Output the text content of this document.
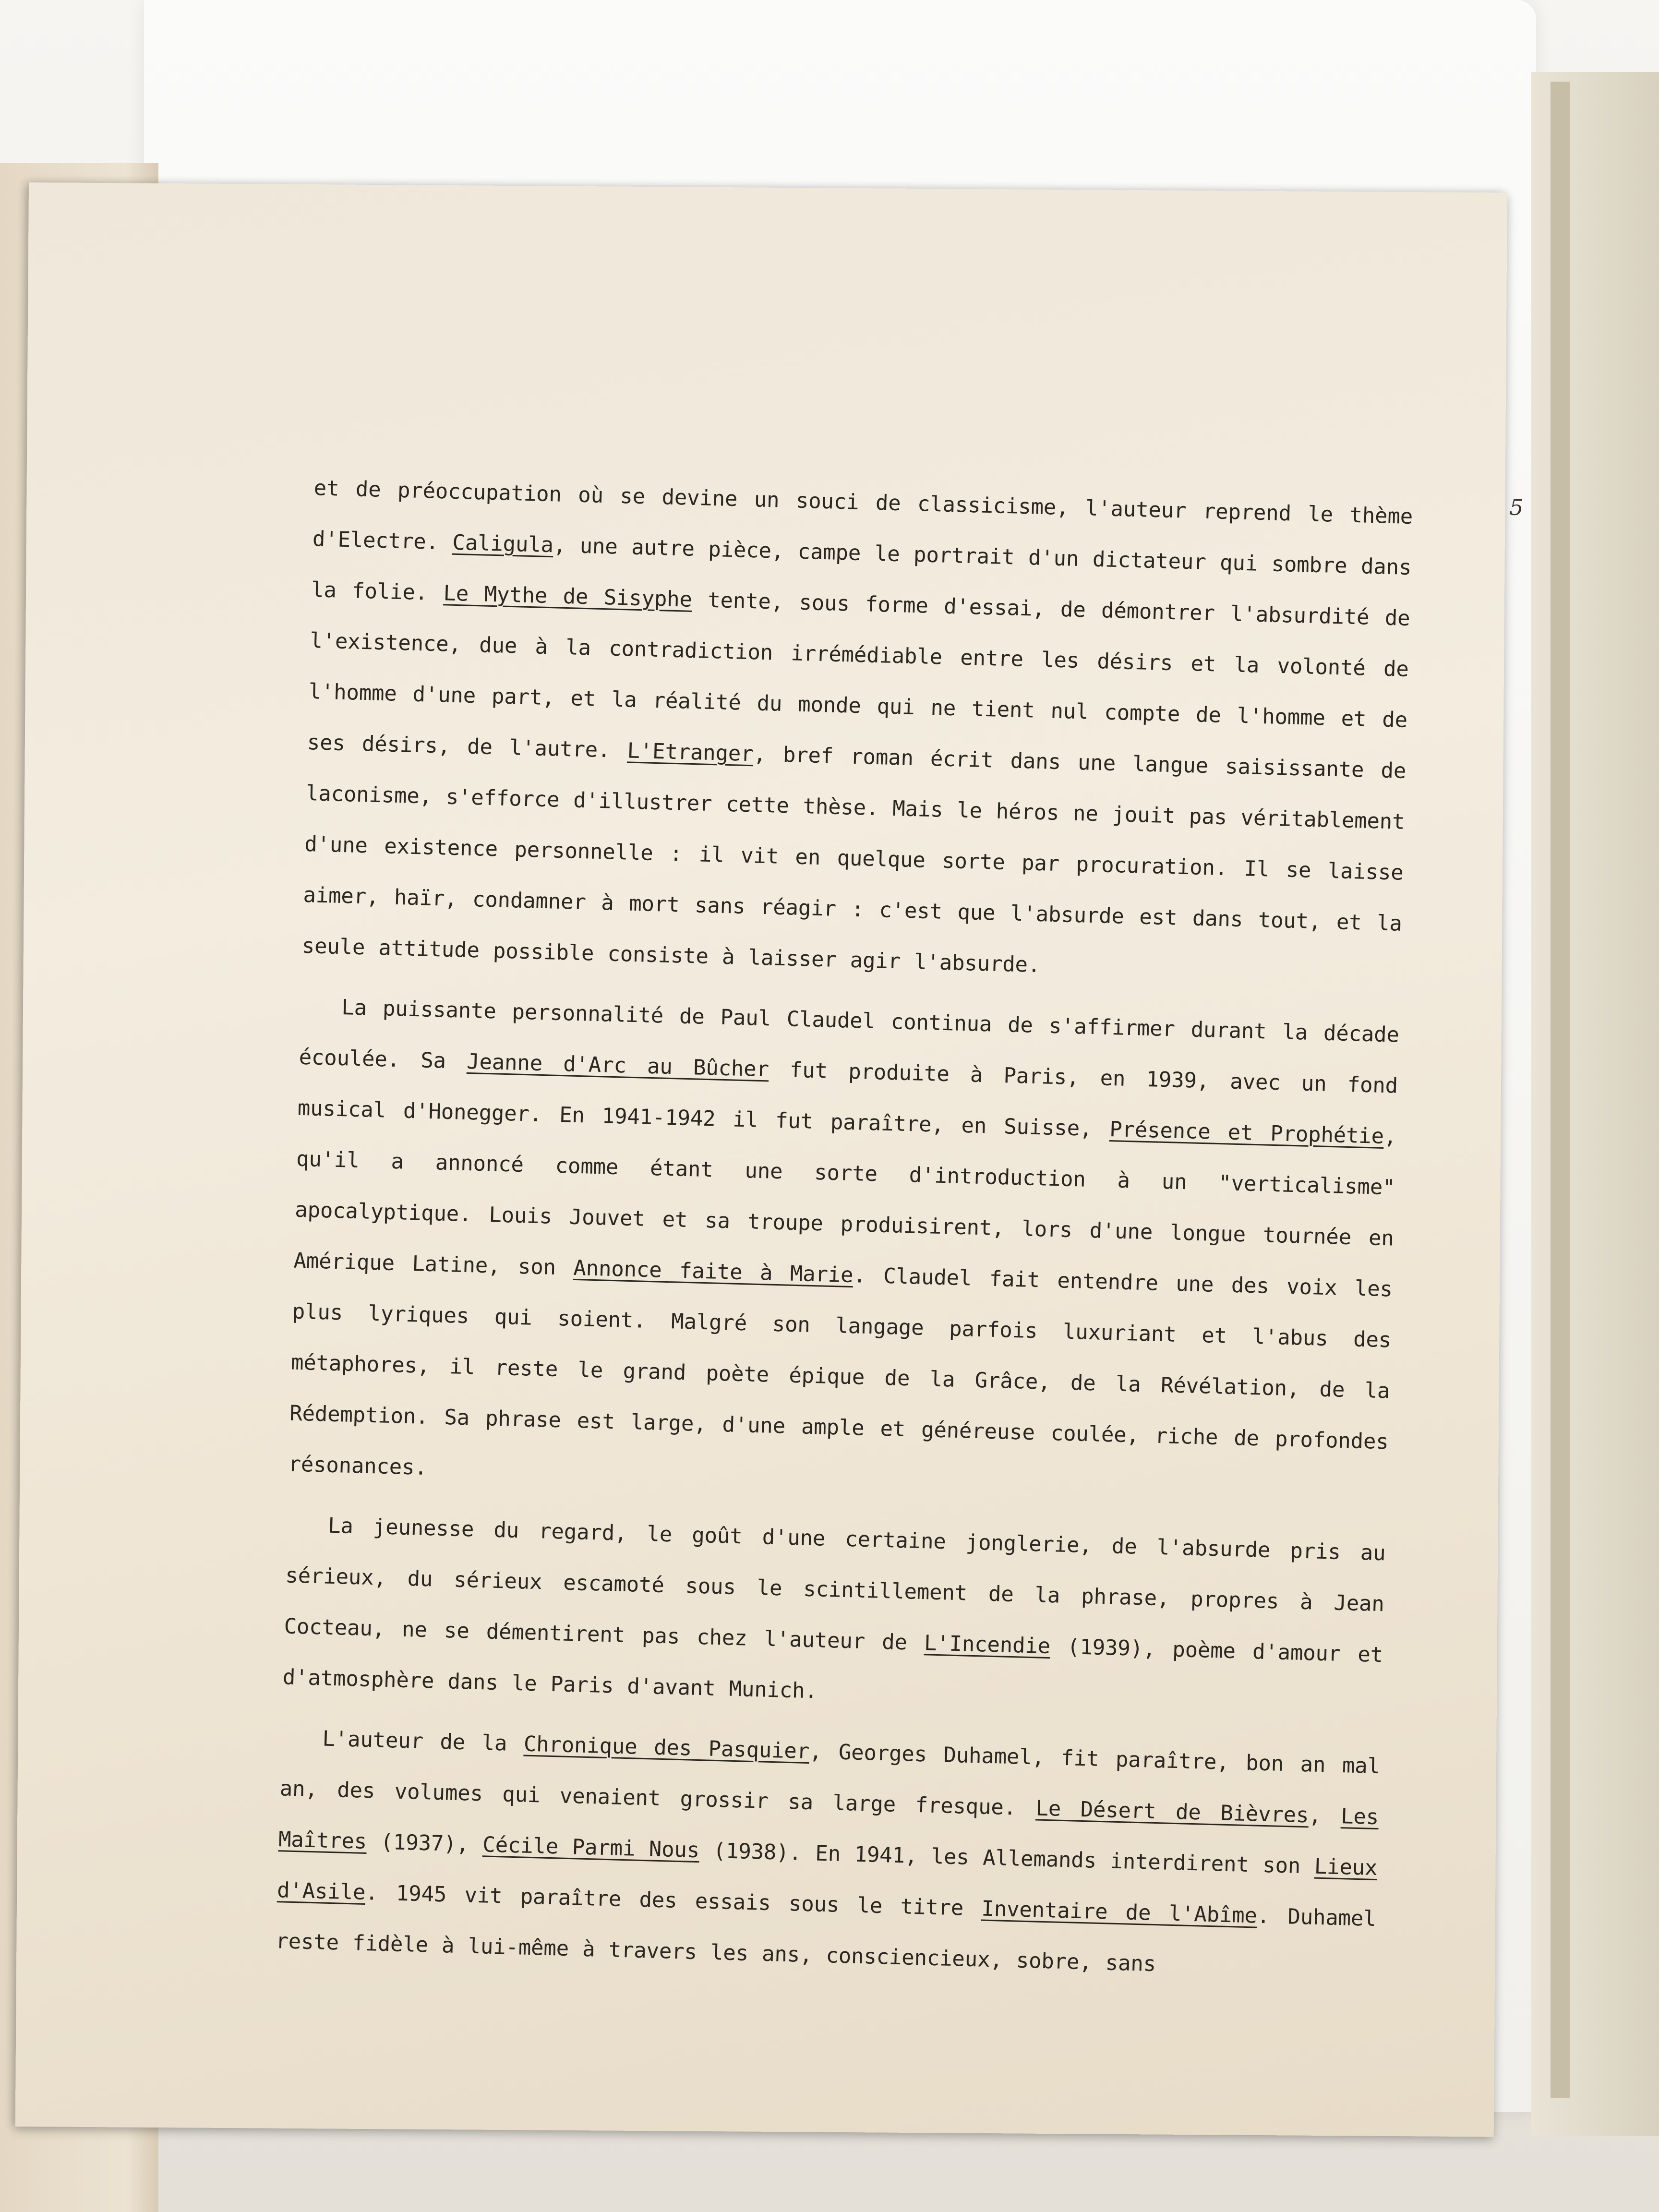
5

et de préoccupation où se devine un souci de classicisme, l'auteur reprend le thème d'Electre. Caligula, une autre pièce, campe le portrait d'un dictateur qui sombre dans la folie. Le Mythe de Sisyphe tente, sous forme d'essai, de démontrer l'absurdité de l'existence, due à la contradiction irrémédiable entre les désirs et la volonté de l'homme d'une part, et la réalité du monde qui ne tient nul compte de l'homme et de ses désirs, de l'autre. L'Etranger, bref roman écrit dans une langue saisissante de laconisme, s'efforce d'illustrer cette thèse. Mais le héros ne jouit pas véritablement d'une existence personnelle : il vit en quelque sorte par procuration. Il se laisse aimer, haïr, condamner à mort sans réagir : c'est que l'absurde est dans tout, et la seule attitude possible consiste à laisser agir l'absurde.

La puissante personnalité de Paul Claudel continua de s'affirmer durant la décade écoulée. Sa Jeanne d'Arc au Bûcher fut produite à Paris, en 1939, avec un fond musical d'Honegger. En 1941-1942 il fut paraître, en Suisse, Présence et Prophétie, qu'il a annoncé comme étant une sorte d'introduction à un "verticalisme" apocalyptique. Louis Jouvet et sa troupe produisirent, lors d'une longue tournée en Amérique Latine, son Annonce faite à Marie. Claudel fait entendre une des voix les plus lyriques qui soient. Malgré son langage parfois luxuriant et l'abus des métaphores, il reste le grand poète épique de la Grâce, de la Révélation, de la Rédemption. Sa phrase est large, d'une ample et généreuse coulée, riche de profondes résonances.

La jeunesse du regard, le goût d'une certaine jonglerie, de l'absurde pris au sérieux, du sérieux escamoté sous le scintillement de la phrase, propres à Jean Cocteau, ne se démentirent pas chez l'auteur de L'Incendie (1939), poème d'amour et d'atmosphère dans le Paris d'avant Munich.

L'auteur de la Chronique des Pasquier, Georges Duhamel, fit paraître, bon an mal an, des volumes qui venaient grossir sa large fresque. Le Désert de Bièvres, Les Maîtres (1937), Cécile Parmi Nous (1938). En 1941, les Allemands interdirent son Lieux d'Asile. 1945 vit paraître des essais sous le titre Inventaire de l'Abîme. Duhamel reste fidèle à lui-même à travers les ans, consciencieux, sobre, sans
